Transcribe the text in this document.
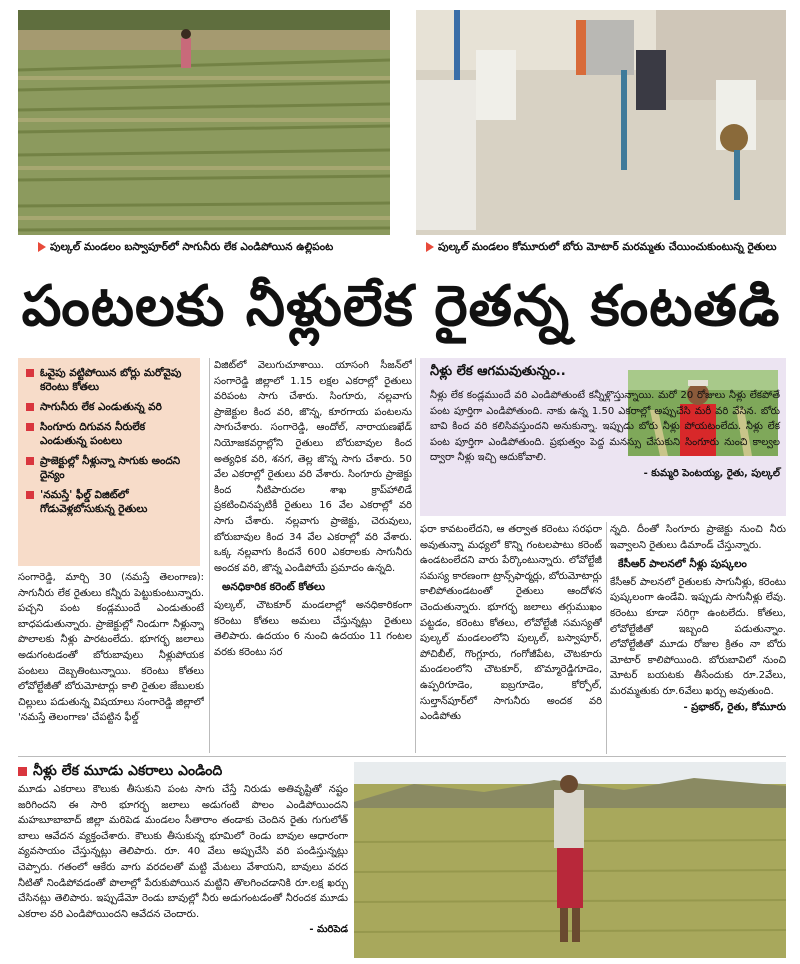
పుల్కల్ మండలం బస్వాపూర్‌లో సాగునీరు లేక ఎండిపోయిన ఉల్లిపంట	పుల్కల్ మండలం కోమూరులో బోరు మోటార్ మరమ్మతు చేయించుకుంటున్న రైతులు
పంటలకు నీళ్లులేక రైతన్న కంటతడి
ఓవైపు వట్టిపోయిన బోర్లు మరోవైపు కరెంటు కోతలు
సాగునీరు లేక ఎండుతున్న వరి
సింగూరు దిగువన నీరులేక ఎండుతున్న పంటలు
ప్రాజెక్టుల్లో నీళ్లున్నా సాగుకు అందని దైన్యం
'నమస్తే' ఫీల్డ్ విజిట్‌లో గోడువెళ్లబోసుకున్న రైతులు

సంగారెడ్డి, మార్చి 30 (నమస్తే తెలంగాణ): సాగునీరు లేక రైతులు కన్నీరు పెట్టుకుంటున్నారు. పచ్చని పంట కండ్లముందే ఎండుతుంటే బాధపడుతున్నారు. ప్రాజెక్టుల్లో నిండుగా నీళ్లున్నా పొలాలకు నీళ్లు పారటంలేదు. భూగర్భ జలాలు అడుగంటడంతో బోరుబావులు నీళ్లుపోయక పంటలు దెబ్బతింటున్నాయి. కరెంటు కోతలు లోవోల్టేజీతో బోరుమోటార్లు కాలి రైతుల జేబులకు చిల్లులు పడుతున్న విషయాలు సంగారెడ్డి జిల్లాలో 'నమస్తే తెలంగాణ' చేపట్టిన ఫీల్డ్

విజిట్‌లో వెలుగుచూశాయి. యాసంగి సీజన్‌లో సంగారెడ్డి జిల్లాలో 1.15 లక్షల ఎకరాల్లో రైతులు వరిపంట సాగు చేశారు. సింగూరు, నల్లవాగు ప్రాజెక్టుల కింద వరి, జొన్న, కూరగాయ పంటలను సాగుచేశారు. సంగారెడ్డి, ఆందోల్, నారాయణఖేడ్ నియోజకవర్గాల్లోని రైతులు బోరుబావుల కింద అత్యధిక వరి, శనగ, తెల్ల జొన్న సాగు చేశారు. 50 వేల ఎకరాల్లో రైతులు వరి వేశారు. సింగూరు ప్రాజెక్టు కింద నీటిపారుదల శాఖ క్రాప్‌హాలిడే ప్రకటించినప్పటికీ రైతులు 16 వేల ఎకరాల్లో వరి సాగు చేశారు. నల్లవాగు ప్రాజెక్టు, చెరువులు, బోరుబావుల కింద 34 వేల ఎకరాల్లో వరి వేశారు. ఒక్క నల్లవాగు కిందనే 600 ఎకరాలకు సాగునీరు అందక వరి, జొన్న ఎండిపోయే ప్రమాదం ఉన్నది.

అనధికారిక కరెంట్ కోతలు

పుల్కల్, చౌటకూర్ మండలాల్లో అనధికారికంగా కరెంటు కోతలు అమలు చేస్తున్నట్లు రైతులు తెలిపారు. ఉదయం 6 నుంచి ఉదయం 11 గంటల వరకు కరెంటు సర

నీళ్లు లేక ఆగమవుతున్నం..

నీళ్లు లేక కండ్లముందే వరి ఎండిపోతుంటే కన్నీళ్లొస్తున్నాయి. మరో 20 రోజులు నీళ్లు లేకపోతే పంట పూర్తిగా ఎండిపోతుంది. నాకు ఉన్న 1.50 ఎకరాల్లో అప్పుచేసి మరీ వరి వేసిన. బోరు బావి కింద వరి కలిసివస్తుందని అనుకున్నా. ఇప్పుడు బోరు నీళ్లు పోయటంలేదు. నీళ్లు లేక పంట పూర్తిగా ఎండిపోతుంది. ప్రభుత్వం పెద్ద మనస్సు చేసుకుని సింగూరు నుంచి కాల్వల ద్వారా నీళ్లు ఇచ్చి ఆదుకోవాలి.

- కుమ్మరి పెంటయ్య, రైతు, పుల్కల్

ఫరా కావటంలేదని, ఆ తర్వాత కరెంటు సరఫరా అవుతున్నా మధ్యలో కొన్ని గంటలపాటు కరెంట్ ఉండటంలేదని వారు పేర్కొంటున్నారు. లోవోల్టేజీ సమస్య కారణంగా ట్రాన్స్‌ఫార్మర్లు, బోరుమోటార్లు కాలిపోతుండటంతో రైతులు ఆందోళన చెందుతున్నారు. భూగర్భ జలాలు తగ్గుముఖం పట్టడం, కరెంటు కోతలు, లోవోల్టేజీ సమస్యతో పుల్కల్ మండలంలోని పుల్కల్, బస్వాపూర్, పోచిబీల్, గొంగ్లూరు, గంగోజీపేట, చౌటకూరు మండలంలోని చౌటకూర్, బొమ్మారెడ్డిగూడెం, ఉప్పరిగూడెం, ఐబ్రగూడెం, కోర్పోల్, సుల్తాన్‌పూర్‌లో సాగునీరు అందక వరి ఎండిపోతు

న్నది. దీంతో సింగూరు ప్రాజెక్టు నుంచి నీరు ఇవ్వాలని రైతులు డిమాండ్ చేస్తున్నారు.

కేసీఆర్ పాలనలో నీళ్లు పుష్కలం

కేసీఆర్ పాలనలో రైతులకు సాగునీళ్లు, కరెంటు పుష్కలంగా ఉండేవి. ఇప్పుడు సాగునీళ్లు లేవు. కరెంటు కూడా సరిగ్గా ఉంటలేదు. కోతలు, లోవోల్టేజీతో ఇబ్బంది పడుతున్నాం. లోవోల్టేజీతో మూడు రోజుల క్రితం నా బోరు మోటార్ కాలిపోయింది. బోరుబావిలో నుంచి మోటర్ బయటకు తీసేందుకు రూ.2వేలు, మరమ్మతుకు రూ.6వేలు ఖర్చు అవుతుంది.

- ప్రభాకర్, రైతు, కోమూరు
నీళ్లు లేక మూడు ఎకరాలు ఎండింది

మూడు ఎకరాలు కౌలుకు తీసుకుని పంట సాగు చేస్తే నిరుడు అతివృష్టితో నష్టం జరిగిందని ఈ సారి భూగర్భ జలాలు అడుగంటి పొలం ఎండిపోయిందని మహబూబాబాద్ జిల్లా మరిపెడ మండలం సీతారాం తండాకు చెందిన రైతు గుగులోత్ బాలు ఆవేదన వ్యక్తంచేశారు. కౌలుకు తీసుకున్న భూమిలో రెండు బావుల ఆధారంగా వ్యవసాయం చేస్తున్నట్లు తెలిపారు. రూ. 40 వేలు అప్పుచేసి వరి పండిస్తున్నట్లు చెప్పారు. గతంలో ఆకేరు వాగు వరదలతో మట్టి మేటలు వేశాయని, బావులు వరద నీటితో నిండిపోవడంతో పొలాల్లో పేరుకుపోయిన మట్టిని తొలగించడానికి రూ.లక్ష ఖర్చు చేసినట్లు తెలిపారు. ఇప్పుడేమో రెండు బావుల్లో నీరు అడుగంటడంతో నీరందక మూడు ఎకరాల వరి ఎండిపోయిందని ఆవేదన చెందారు.

- మరిపెడ
